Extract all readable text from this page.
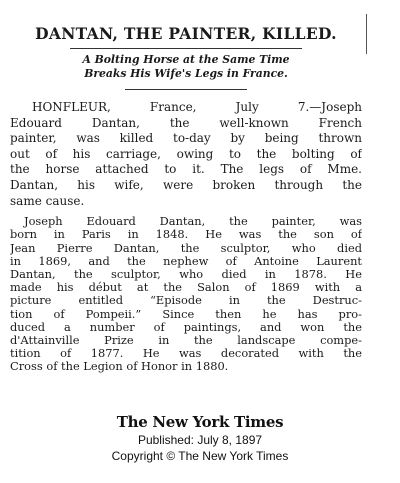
DANTAN, THE PAINTER, KILLED.

A Bolting Horse at the Same Time

Breaks His Wife's Legs in France.

HONFLEUR, France, July 7.—Joseph
Edouard Dantan, the well-known French
painter, was killed to-day by being thrown
out of his carriage, owing to the bolting of
the horse attached to it. The legs of Mme.
Dantan, his wife, were broken through the
same cause.
Joseph Edouard Dantan, the painter, was
born in Paris in 1848. He was the son of
Jean Pierre Dantan, the sculptor, who died
in 1869, and the nephew of Antoine Laurent
Dantan, the sculptor, who died in 1878. He
made his début at the Salon of 1869 with a
picture entitled “Episode in the Destruc-
tion of Pompeii.” Since then he has pro-
duced a number of paintings, and won the
d'Attainville Prize in the landscape compe-
tition of 1877. He was decorated with the
Cross of the Legion of Honor in 1880.
The New York Times
Published: July 8, 1897
Copyright © The New York Times
